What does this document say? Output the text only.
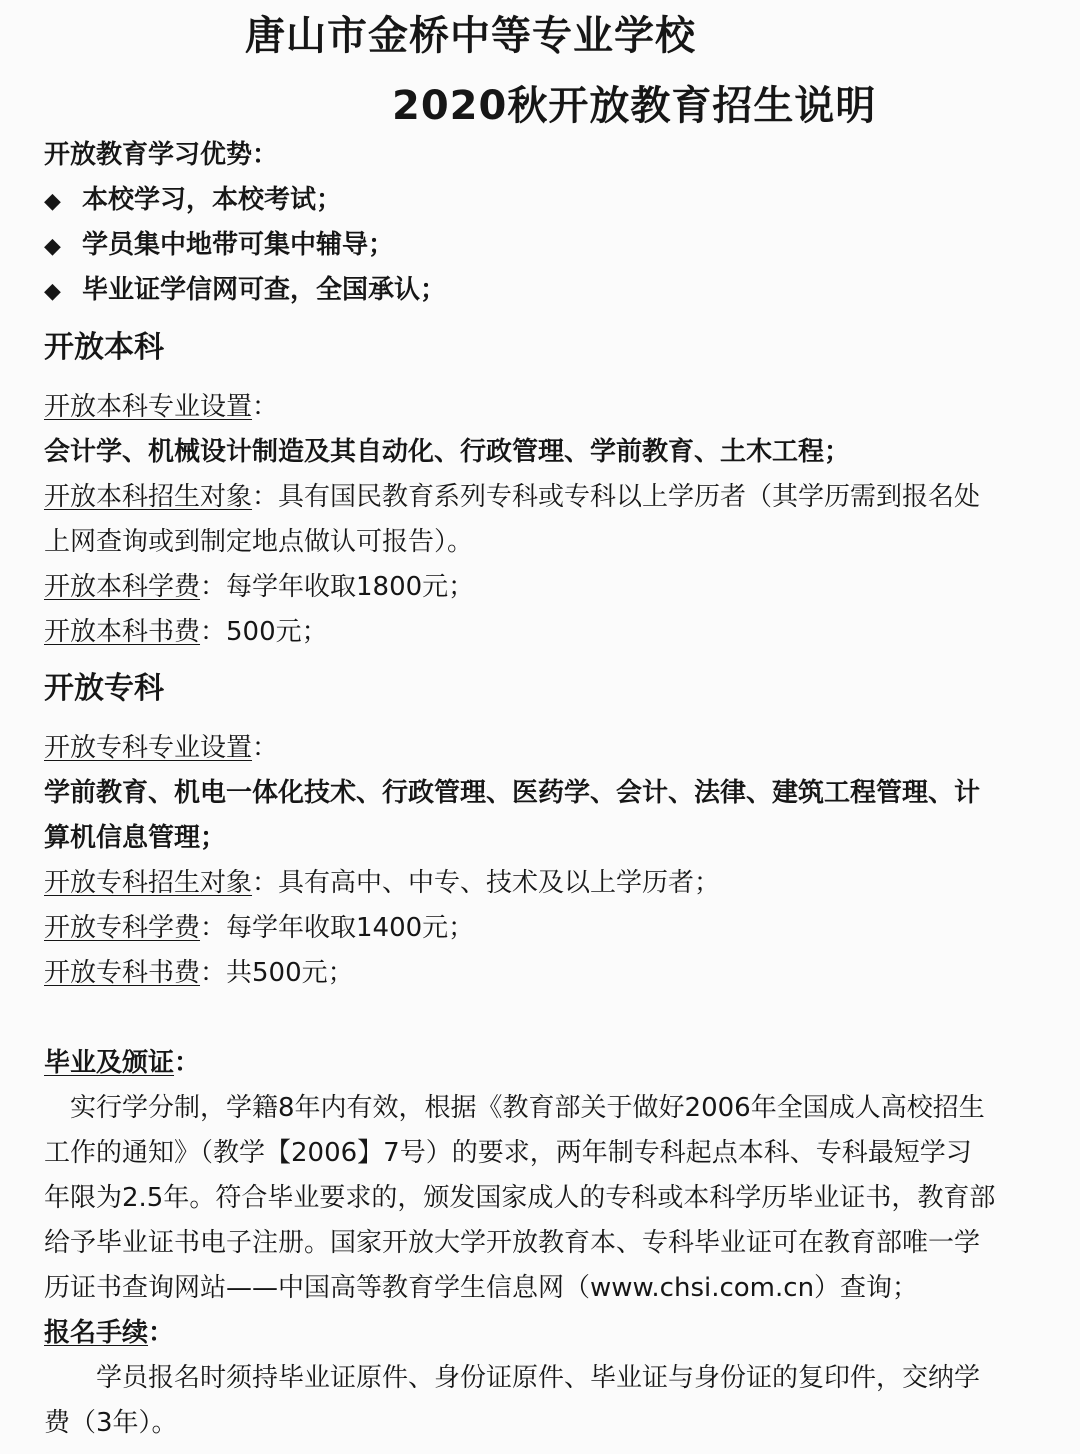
唐山市金桥中等专业学校
2020秋开放教育招生说明
开放教育学习优势：
◆ 本校学习，本校考试；
◆ 学员集中地带可集中辅导；
◆ 毕业证学信网可查，全国承认；
开放本科
开放本科专业设置：
会计学、机械设计制造及其自动化、行政管理、学前教育、土木工程；
开放本科招生对象：具有国民教育系列专科或专科以上学历者（其学历需到报名处
上网查询或到制定地点做认可报告）。
开放本科学费：每学年收取1800元；
开放本科书费：500元；
开放专科
开放专科专业设置：
学前教育、机电一体化技术、行政管理、医药学、会计、法律、建筑工程管理、计
算机信息管理；
开放专科招生对象：具有高中、中专、技术及以上学历者；
开放专科学费：每学年收取1400元；
开放专科书费：共500元；
毕业及颁证：
实行学分制，学籍8年内有效，根据《教育部关于做好2006年全国成人高校招生
工作的通知》（教学【2006】7号）的要求，两年制专科起点本科、专科最短学习
年限为2.5年。符合毕业要求的，颁发国家成人的专科或本科学历毕业证书，教育部
给予毕业证书电子注册。国家开放大学开放教育本、专科毕业证可在教育部唯一学
历证书查询网站——中国高等教育学生信息网（www.chsi.com.cn）查询；
报名手续：
学员报名时须持毕业证原件、身份证原件、毕业证与身份证的复印件，交纳学
费（3年）。
